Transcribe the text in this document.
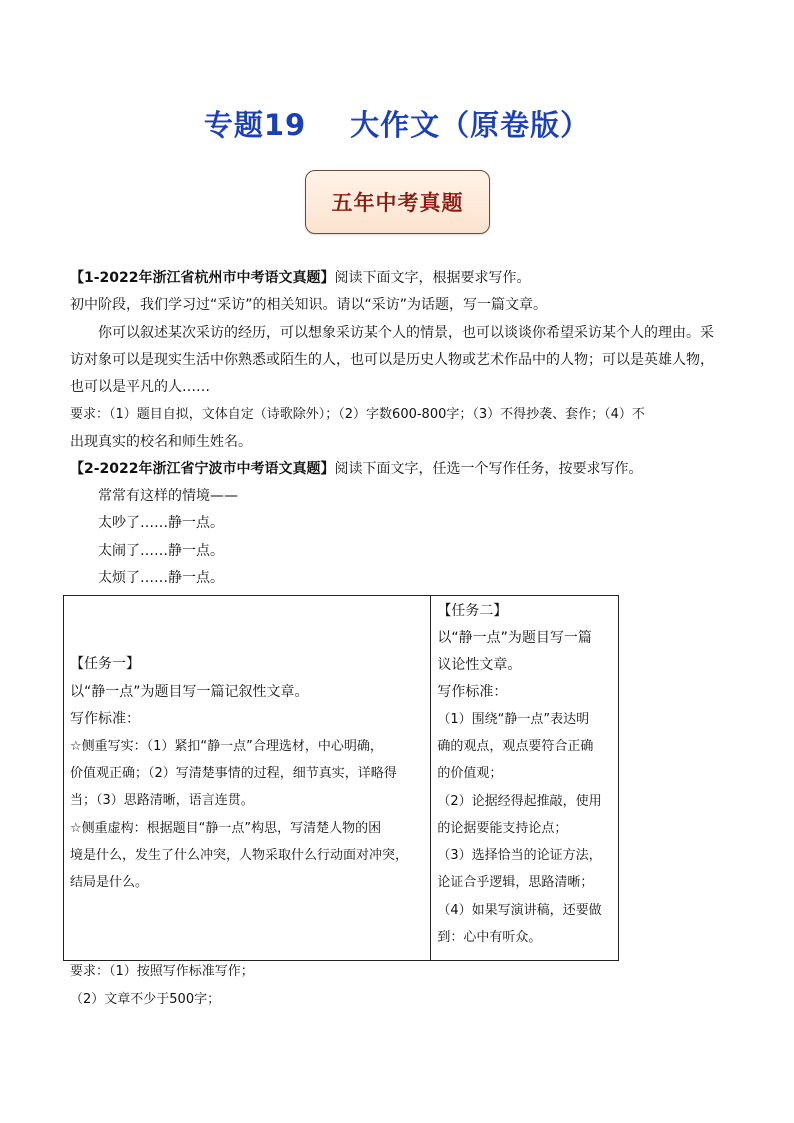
专题19 大作文（原卷版）
五年中考真题
【1-2022年浙江省杭州市中考语文真题】阅读下面文字，根据要求写作。
初中阶段，我们学习过“采访”的相关知识。请以“采访”为话题，写一篇文章。
你可以叙述某次采访的经历，可以想象采访某个人的情景，也可以谈谈你希望采访某个人的理由。采
访对象可以是现实生活中你熟悉或陌生的人，也可以是历史人物或艺术作品中的人物；可以是英雄人物，
也可以是平凡的人……
要求：（1）题目自拟，文体自定（诗歌除外）；（2）字数600-800字；（3）不得抄袭、套作；（4）不
出现真实的校名和师生姓名。
【2-2022年浙江省宁波市中考语文真题】阅读下面文字，任选一个写作任务，按要求写作。
常常有这样的情境——
太吵了……静一点。
太闹了……静一点。
太烦了……静一点。
【任务一】
以“静一点”为题目写一篇记叙性文章。
写作标准：
☆侧重写实：（1）紧扣“静一点”合理选材，中心明确，
价值观正确；（2）写清楚事情的过程，细节真实，详略得
当；（3）思路清晰，语言连贯。
☆侧重虚构：根据题目“静一点”构思，写清楚人物的困
境是什么，发生了什么冲突，人物采取什么行动面对冲突，
结局是什么。

【任务二】
以“静一点”为题目写一篇
议论性文章。
写作标准：
（1）围绕“静一点”表达明
确的观点，观点要符合正确
的价值观；
（2）论据经得起推敲，使用
的论据要能支持论点；
（3）选择恰当的论证方法，
论证合乎逻辑，思路清晰；
（4）如果写演讲稿，还要做
到：心中有听众。
要求：（1）按照写作标准写作；
（2）文章不少于500字；
